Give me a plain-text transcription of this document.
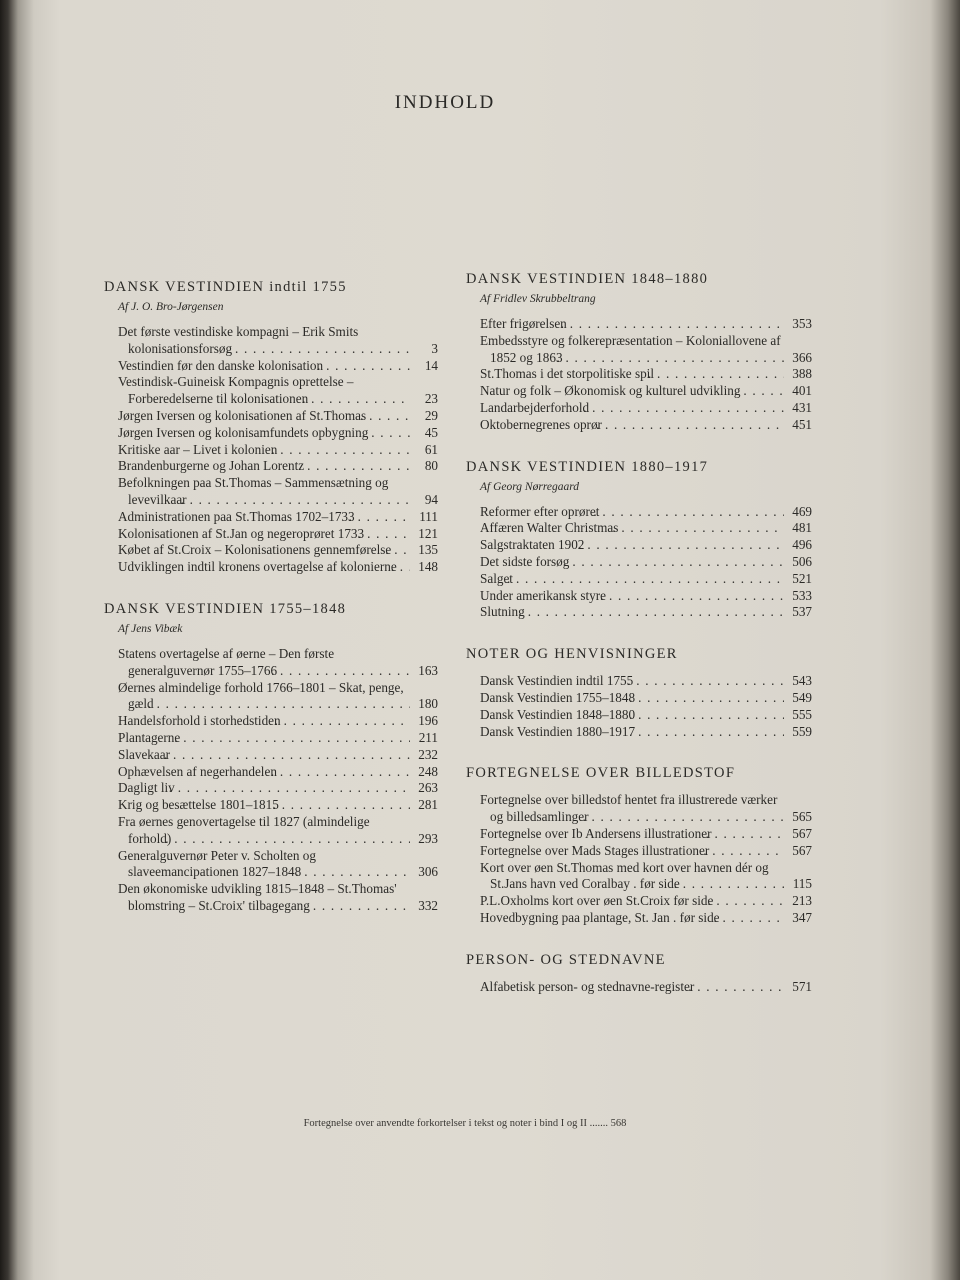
INDHOLD
DANSK VESTINDIEN indtil 1755
Af J. O. Bro-Jørgensen
Det første vestindiske kompagni – Erik Smits kolonisationsforsøg . . .	3
Vestindien før den danske kolonisation . . .	14
Vestindisk-Guineisk Kompagnis oprettelse – Forberedelserne til kolonisationen . . .	23
Jørgen Iversen og kolonisationen af St.Thomas . . .	29
Jørgen Iversen og kolonisamfundets opbygning . . .	45
Kritiske aar – Livet i kolonien . . .	61
Brandenburgerne og Johan Lorentz . . .	80
Befolkningen paa St.Thomas – Sammensætning og levevilkaar . . .	94
Administrationen paa St.Thomas 1702–1733 . . .	111
Kolonisationen af St.Jan og negeroprøret 1733 . . .	121
Købet af St.Croix – Kolonisationens gennemførelse . . .	135
Udviklingen indtil kronens overtagelse af kolonierne . . .	148
DANSK VESTINDIEN 1755–1848
Af Jens Vibæk
Statens overtagelse af øerne – Den første generalguvernør 1755–1766 . . .	163
Øernes almindelige forhold 1766–1801 – Skat, penge, gæld . . .	180
Handelsforhold i storhedstiden . . .	196
Plantagerne . . .	211
Slavekaar . . .	232
Ophævelsen af negerhandelen . . .	248
Dagligt liv . . .	263
Krig og besættelse 1801–1815 . . .	281
Fra øernes genovertagelse til 1827 (almindelige forhold) . . .	293
Generalguvernør Peter v. Scholten og slaveemancipationen 1827–1848 . . .	306
Den økonomiske udvikling 1815–1848 – St.Thomas' blomstring – St.Croix' tilbagegang . . .	332
DANSK VESTINDIEN 1848–1880
Af Fridlev Skrubbeltrang
Efter frigørelsen . . .	353
Embedsstyre og folkerepræsentation – Koloniallovene af 1852 og 1863 . . .	366
St.Thomas i det storpolitiske spil . . .	388
Natur og folk – Økonomisk og kulturel udvikling . . .	401
Landarbejderforhold . . .	431
Oktobernegrenes oprør . . .	451
DANSK VESTINDIEN 1880–1917
Af Georg Nørregaard
Reformer efter oprøret . . .	469
Affæren Walter Christmas . . .	481
Salgstraktaten 1902 . . .	496
Det sidste forsøg . . .	506
Salget . . .	521
Under amerikansk styre . . .	533
Slutning . . .	537
NOTER OG HENVISNINGER
Dansk Vestindien indtil 1755 . . .	543
Dansk Vestindien 1755–1848 . . .	549
Dansk Vestindien 1848–1880 . . .	555
Dansk Vestindien 1880–1917 . . .	559
FORTEGNELSE OVER BILLEDSTOF
Fortegnelse over billedstof hentet fra illustrerede værker og billedsamlinger . . .	565
Fortegnelse over Ib Andersens illustrationer . . .	567
Fortegnelse over Mads Stages illustrationer . . .	567
Kort over øen St.Thomas med kort over havnen dér og St.Jans havn ved Coralbay . før side . . .	115
P.L.Oxholms kort over øen St.Croix før side . . .	213
Hovedbygning paa plantage, St. Jan . før side . . .	347
PERSON- OG STEDNAVNE
Alfabetisk person- og stednavne-register . . .	571
Fortegnelse over anvendte forkortelser i tekst og noter i bind I og II ....... 568
